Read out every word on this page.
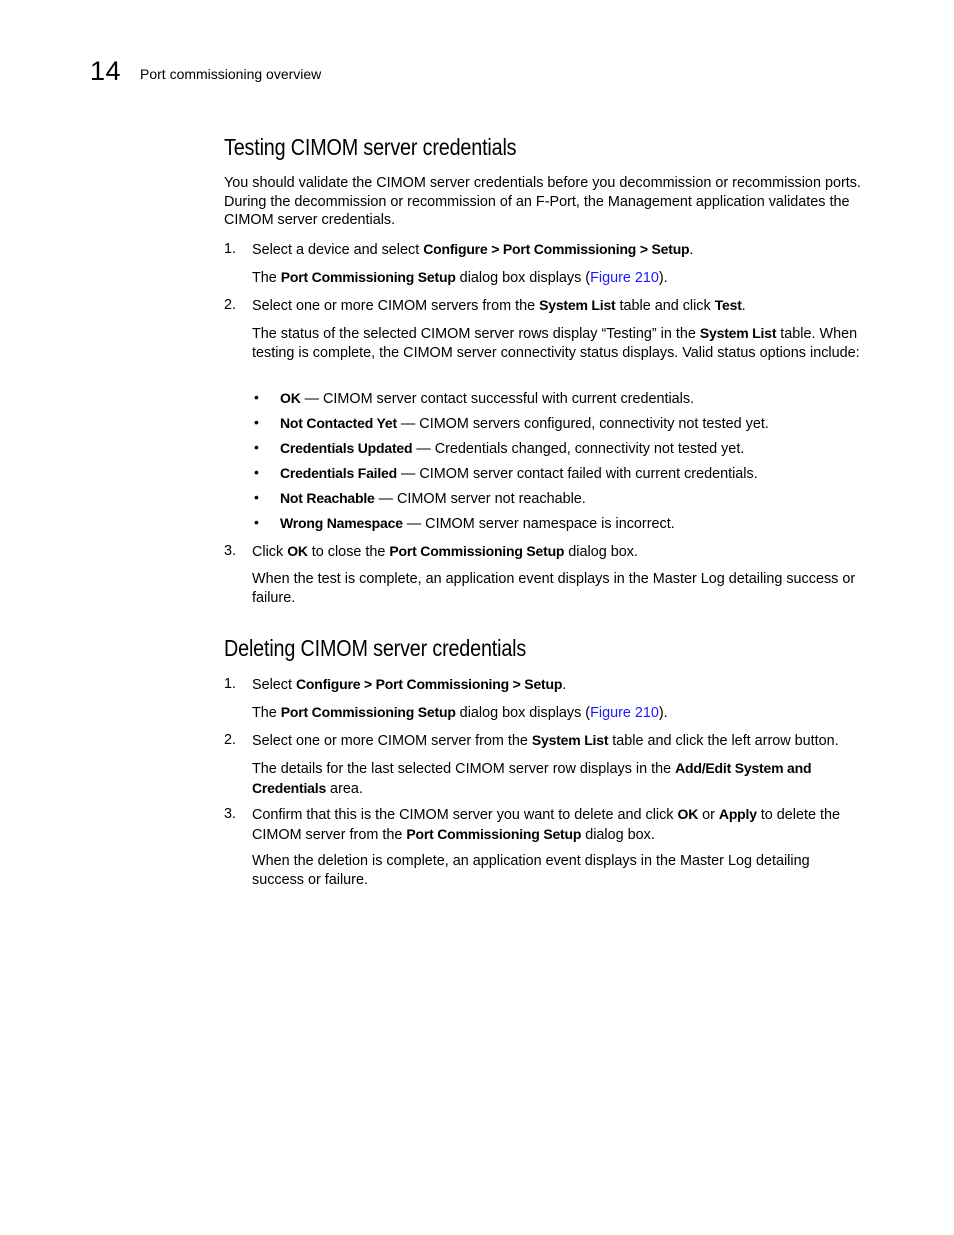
14 Port commissioning overview
Testing CIMOM server credentials

You should validate the CIMOM server credentials before you decommission or recommission ports. During the decommission or recommission of an F-Port, the Management application validates the CIMOM server credentials.

1. Select a device and select Configure > Port Commissioning > Setup.

The Port Commissioning Setup dialog box displays (Figure 210).

2. Select one or more CIMOM servers from the System List table and click Test.

The status of the selected CIMOM server rows display “Testing” in the System List table. When testing is complete, the CIMOM server connectivity status displays. Valid status options include:

• OK — CIMOM server contact successful with current credentials.

• Not Contacted Yet — CIMOM servers configured, connectivity not tested yet.

• Credentials Updated — Credentials changed, connectivity not tested yet.

• Credentials Failed — CIMOM server contact failed with current credentials.

• Not Reachable — CIMOM server not reachable.

• Wrong Namespace — CIMOM server namespace is incorrect.

3. Click OK to close the Port Commissioning Setup dialog box.

When the test is complete, an application event displays in the Master Log detailing success or failure.

Deleting CIMOM server credentials
1. Select Configure > Port Commissioning > Setup.

The Port Commissioning Setup dialog box displays (Figure 210).

2. Select one or more CIMOM server from the System List table and click the left arrow button.

The details for the last selected CIMOM server row displays in the Add/Edit System and Credentials area.

3. Confirm that this is the CIMOM server you want to delete and click OK or Apply to delete the CIMOM server from the Port Commissioning Setup dialog box.

When the deletion is complete, an application event displays in the Master Log detailing success or failure.
